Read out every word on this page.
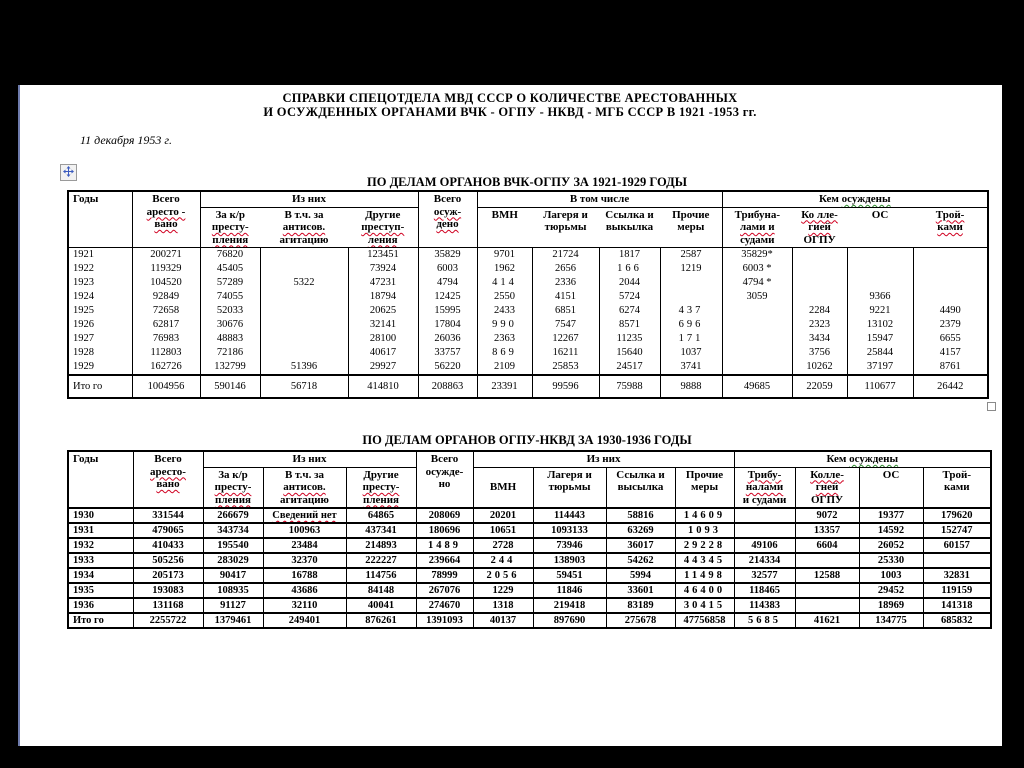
СПРАВКИ СПЕЦОТДЕЛА МВД СССР О КОЛИЧЕСТВЕ АРЕСТОВАННЫХ
И ОСУЖДЕННЫХ ОРГАНАМИ ВЧК - ОГПУ - НКВД - МГБ СССР В 1921 -1953 гг.
11 декабря 1953 г.
ПО ДЕЛАМ ОРГАНОВ ВЧК-ОГПУ ЗА 1921-1929 ГОДЫ
Годы	Всего
аресто -
вано	Из них			Всего
осуж-
дено	В том числе				Кем осуждены			

		За к/р
престу-
пления	В т.ч. за
антисов.
агитацию	Другие
преступ-
ления		ВМН	Лагеря и
тюрьмы	Ссылка и
выкылка	Прочие
меры	Трибуна-
лами и
судами	Ко лле-
гией
ОГПУ	ОС	Трой-
ками

1921	200271	76820		123451	35829	9701	21724	1817	2587	35829*			
1922	119329	45405		73924	6003	1962	2656	166	1219	6003 *			
1923	104520	57289	5322	47231	4794	414	2336	2044		4794 *			
1924	92849	74055		18794	12425	2550	4151	5724		3059		9366	
1925	72658	52033		20625	15995	2433	6851	6274	437		2284	9221	4490
1926	62817	30676		32141	17804	990	7547	8571	696		2323	13102	2379
1927	76983	48883		28100	26036	2363	12267	11235	171		3434	15947	6655
1928	112803	72186		40617	33757	869	16211	15640	1037		3756	25844	4157
1929	162726	132799	51396	29927	56220	2109	25853	24517	3741		10262	37197	8761
Ито го	1004956	590146	56718	414810	208863	23391	99596	75988	9888	49685	22059	110677	26442
ПО ДЕЛАМ ОРГАНОВ ОГПУ-НКВД ЗА 1930-1936 ГОДЫ
Годы	Всего
аресто-
вано	Из них			Всего
осужде-
но	Из них				Кем осуждены			

		За к/р
престу-
пления	В т.ч. за
антисов.
агитацию	Другие
престу-
пления		ВМН	Лагеря и
тюрьмы	Ссылка и
высылка	Прочие
меры	Трибу-
налами
и судами	Колле-
гней
ОГПУ	ОС	Трой-
ками

1930	331544	266679	Сведений нет	64865	208069	20201	114443	58816	14609		9072	19377	179620
1931	479065	343734	100963	437341	180696	10651	1093133	63269	1093		13357	14592	152747
1932	410433	195540	23484	214893	1489	2728	73946	36017	29228	49106	6604	26052	60157
1933	505256	283029	32370	222227	239664	244	138903	54262	44345	214334		25330	
1934	205173	90417	16788	114756	78999	2056	59451	5994	11498	32577	12588	1003	32831
1935	193083	108935	43686	84148	267076	1229	11846	33601	46400	118465		29452	119159
1936	131168	91127	32110	40041	274670	1318	219418	83189	30415	114383		18969	141318
Ито го	2255722	1379461	249401	876261	1391093	40137	897690	275678	47756858	5685	41621	134775	685832
